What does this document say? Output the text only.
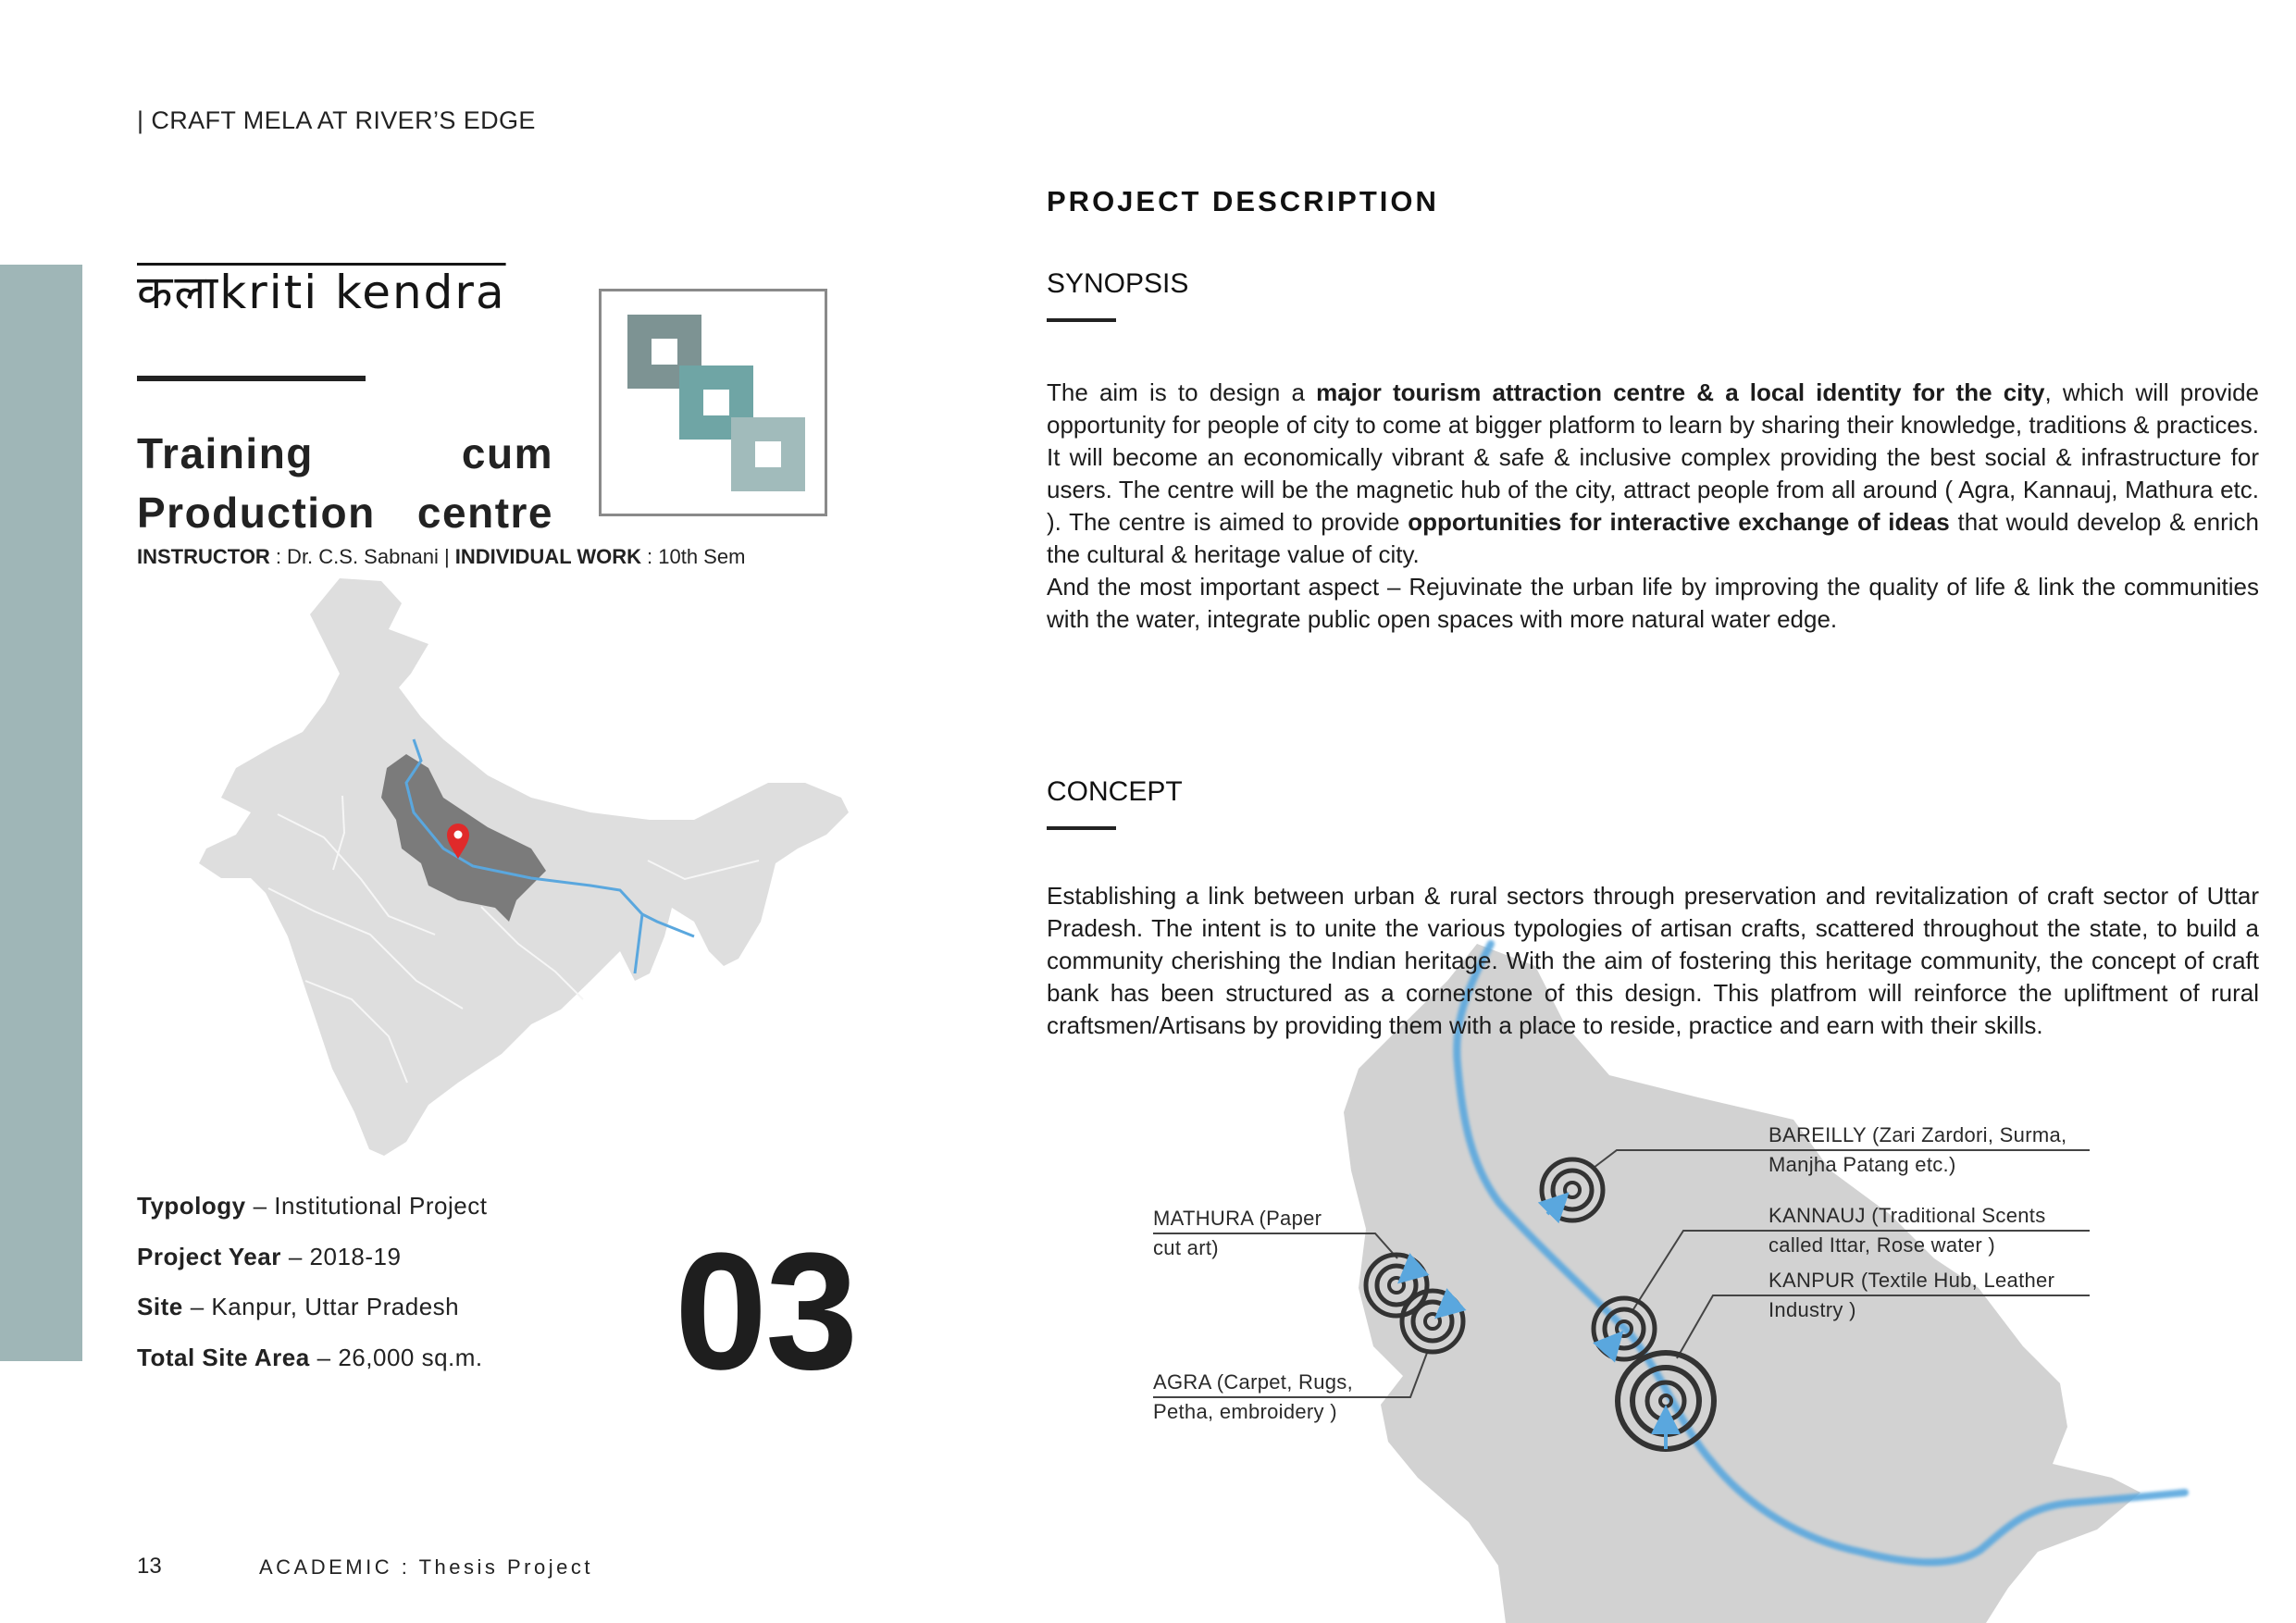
| CRAFT MELA AT RIVER’S EDGE
कलाkriti kendra
Training cum
Production centre
INSTRUCTOR : Dr. C.S. Sabnani | INDIVIDUAL WORK : 10th Sem
Typology – Institutional Project
Project Year – 2018-19
Site – Kanpur, Uttar Pradesh
Total Site Area – 26,000 sq.m. 03
13	ACADEMIC : Thesis Project
PROJECT DESCRIPTION
SYNOPSIS

The aim is to design a major tourism attraction centre & a local identity for the city, which will provide opportunity for people of city to come at bigger platform to learn by sharing their knowledge, traditions & practices. It will become an economically vibrant & safe & inclusive complex providing the best social & infrastructure for users. The centre will be the magnetic hub of the city, attract people from all around ( Agra, Kannauj, Mathura etc. ). The centre is aimed to provide opportunities for interactive exchange of ideas that would develop & enrich the cultural & heritage value of city.

And the most important aspect – Rejuvinate the urban life by improving the quality of life & link the communities with the water, integrate public open spaces with more natural water edge.

CONCEPT

Establishing a link between urban & rural sectors through preservation and revitalization of craft sector of Uttar Pradesh. The intent is to unite the various typologies of artisan crafts, scattered throughout the state, to build a community cherishing the Indian heritage. With the aim of fostering this heritage community, the concept of craft bank has been structured as a cornerstone of this design. This platfrom will reinforce the upliftment of rural craftsmen/Artisans by providing them with a place to reside, practice and earn with their skills.

BAREILLY (Zari Zardori, Surma,
Manjha Patang etc.)
MATHURA (Paper
cut art)
KANNAUJ (Traditional Scents
called Ittar, Rose water )
KANPUR (Textile Hub, Leather
Industry )
AGRA (Carpet, Rugs,
Petha, embroidery )
